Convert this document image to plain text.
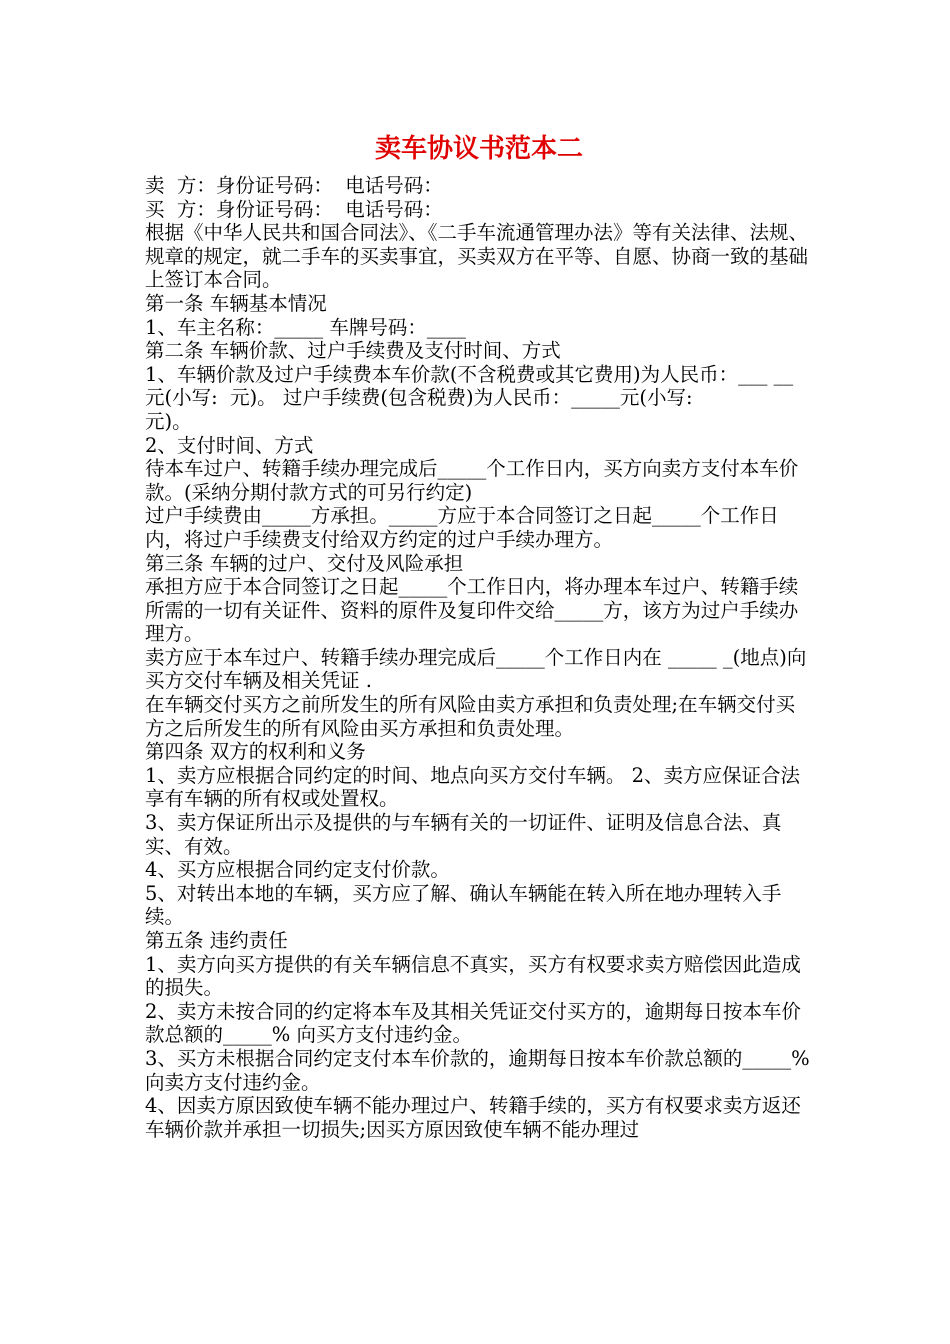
卖车协议书范本二

卖  方：身份证号码：  电话号码：

买  方：身份证号码：  电话号码：

根据《中华人民共和国合同法》、《二手车流通管理办法》等有关法律、法规、规章的规定，就二手车的买卖事宜，买卖双方在平等、自愿、协商一致的基础上签订本合同。

第一条 车辆基本情况

1、车主名称：_____ 车牌号码：____

第二条 车辆价款、过户手续费及支付时间、方式

1、车辆价款及过户手续费本车价款(不含税费或其它费用)为人民币：___ __ 元(小写:  元)。 过户手续费(包含税费)为人民币：_____元(小写:

元)。

2、支付时间、方式

待本车过户、转籍手续办理完成后_____个工作日内，买方向卖方支付本车价款。(采纳分期付款方式的可另行约定)

过户手续费由_____方承担。_____方应于本合同签订之日起_____个工作日内，将过户手续费支付给双方约定的过户手续办理方。

第三条 车辆的过户、交付及风险承担

承担方应于本合同签订之日起_____个工作日内，将办理本车过户、转籍手续所需的一切有关证件、资料的原件及复印件交给_____方，该方为过户手续办理方。

卖方应于本车过户、转籍手续办理完成后_____个工作日内在 _____ _(地点)向买方交付车辆及相关凭证 .

在车辆交付买方之前所发生的所有风险由卖方承担和负责处理;在车辆交付买方之后所发生的所有风险由买方承担和负责处理。

第四条 双方的权利和义务

1、卖方应根据合同约定的时间、地点向买方交付车辆。 2、卖方应保证合法享有车辆的所有权或处置权。

3、卖方保证所出示及提供的与车辆有关的一切证件、证明及信息合法、真实、有效。

4、买方应根据合同约定支付价款。

5、对转出本地的车辆，买方应了解、确认车辆能在转入所在地办理转入手续。

第五条 违约责任

1、卖方向买方提供的有关车辆信息不真实，买方有权要求卖方赔偿因此造成的损失。

2、卖方未按合同的约定将本车及其相关凭证交付买方的，逾期每日按本车价款总额的_____% 向买方支付违约金。

3、买方未根据合同约定支付本车价款的，逾期每日按本车价款总额的_____% 向卖方支付违约金。

4、因卖方原因致使车辆不能办理过户、转籍手续的，买方有权要求卖方返还车辆价款并承担一切损失;因买方原因致使车辆不能办理过
